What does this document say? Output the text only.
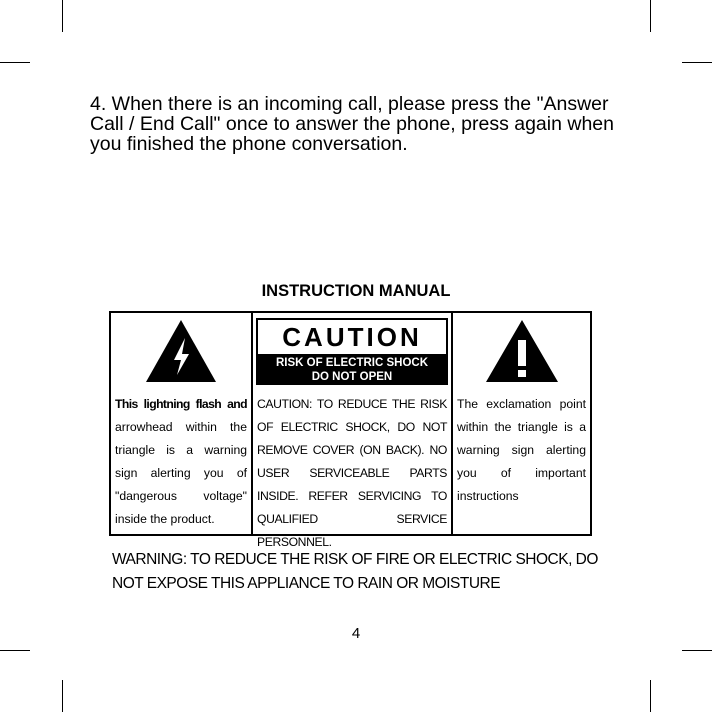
4. When there is an incoming call, please press the "Answer Call / End Call" once to answer the phone, press again when you finished the phone conversation.

INSTRUCTION MANUAL

This lightning flash and arrowhead within the triangle is a warning sign alerting you of "dangerous voltage" inside the product.
CAUTION
RISK OF ELECTRIC SHOCK
DO NOT OPEN
CAUTION: TO REDUCE THE RISK OF ELECTRIC SHOCK, DO NOT REMOVE COVER (ON BACK). NO USER SERVICEABLE PARTS INSIDE. REFER SERVICING TO QUALIFIED SERVICE PERSONNEL.
The exclamation point within the triangle is a warning sign alerting you of important instructions

WARNING: TO REDUCE THE RISK OF FIRE OR ELECTRIC SHOCK, DO NOT EXPOSE THIS APPLIANCE TO RAIN OR MOISTURE

4
